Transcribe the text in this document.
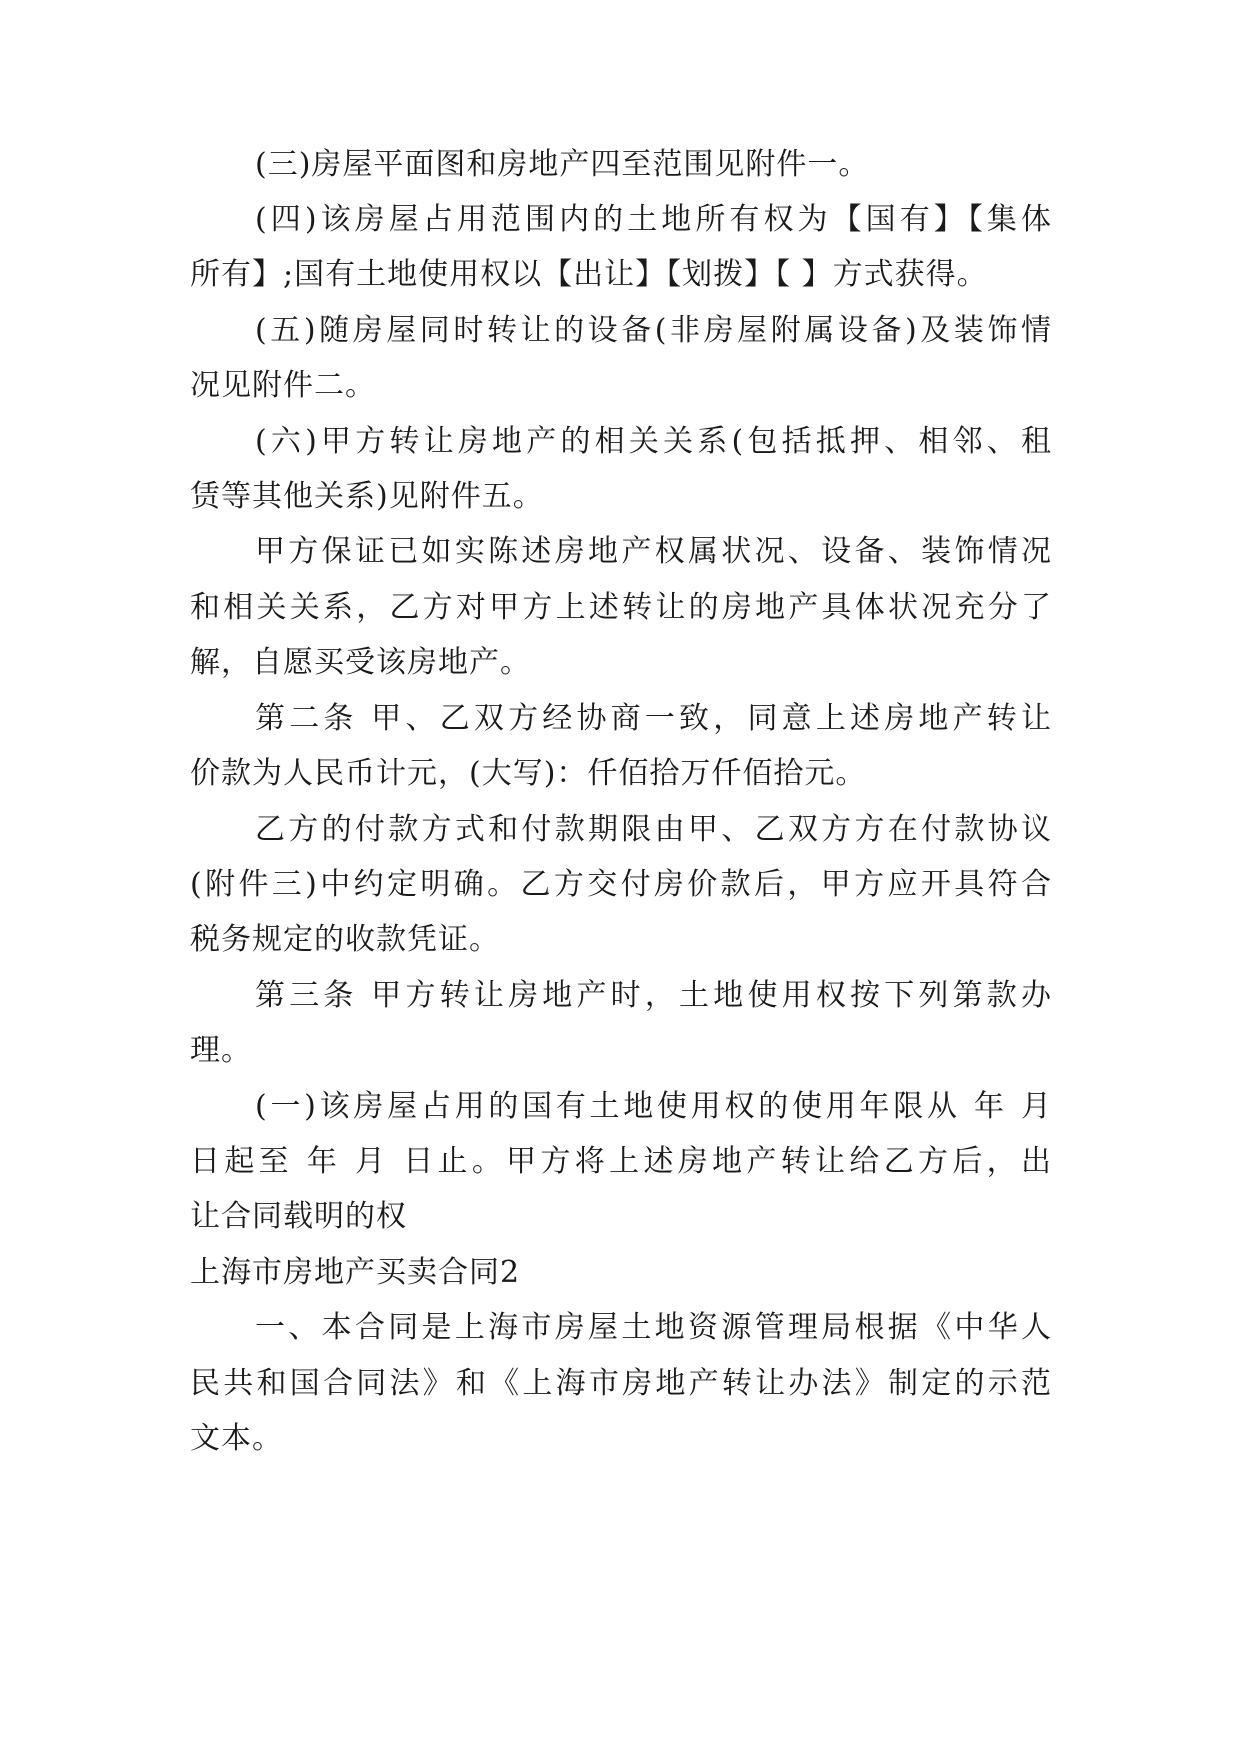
(三)房屋平面图和房地产四至范围见附件一。
(四)该房屋占用范围内的土地所有权为【国有】【集体
所有】;国有土地使用权以【出让】【划拨】【 】方式获得。
(五)随房屋同时转让的设备(非房屋附属设备)及装饰情
况见附件二。
(六)甲方转让房地产的相关关系(包括抵押、相邻、租
赁等其他关系)见附件五。
甲方保证已如实陈述房地产权属状况、设备、装饰情况
和相关关系，乙方对甲方上述转让的房地产具体状况充分了
解，自愿买受该房地产。
第二条 甲、乙双方经协商一致，同意上述房地产转让
价款为人民币计元，(大写)：仟佰拾万仟佰拾元。
乙方的付款方式和付款期限由甲、乙双方方在付款协议
(附件三)中约定明确。乙方交付房价款后，甲方应开具符合
税务规定的收款凭证。
第三条 甲方转让房地产时，土地使用权按下列第款办
理。
(一)该房屋占用的国有土地使用权的使用年限从 年 月
日起至 年 月 日止。甲方将上述房地产转让给乙方后，出
让合同载明的权
上海市房地产买卖合同2
一、本合同是上海市房屋土地资源管理局根据《中华人
民共和国合同法》和《上海市房地产转让办法》制定的示范
文本。
